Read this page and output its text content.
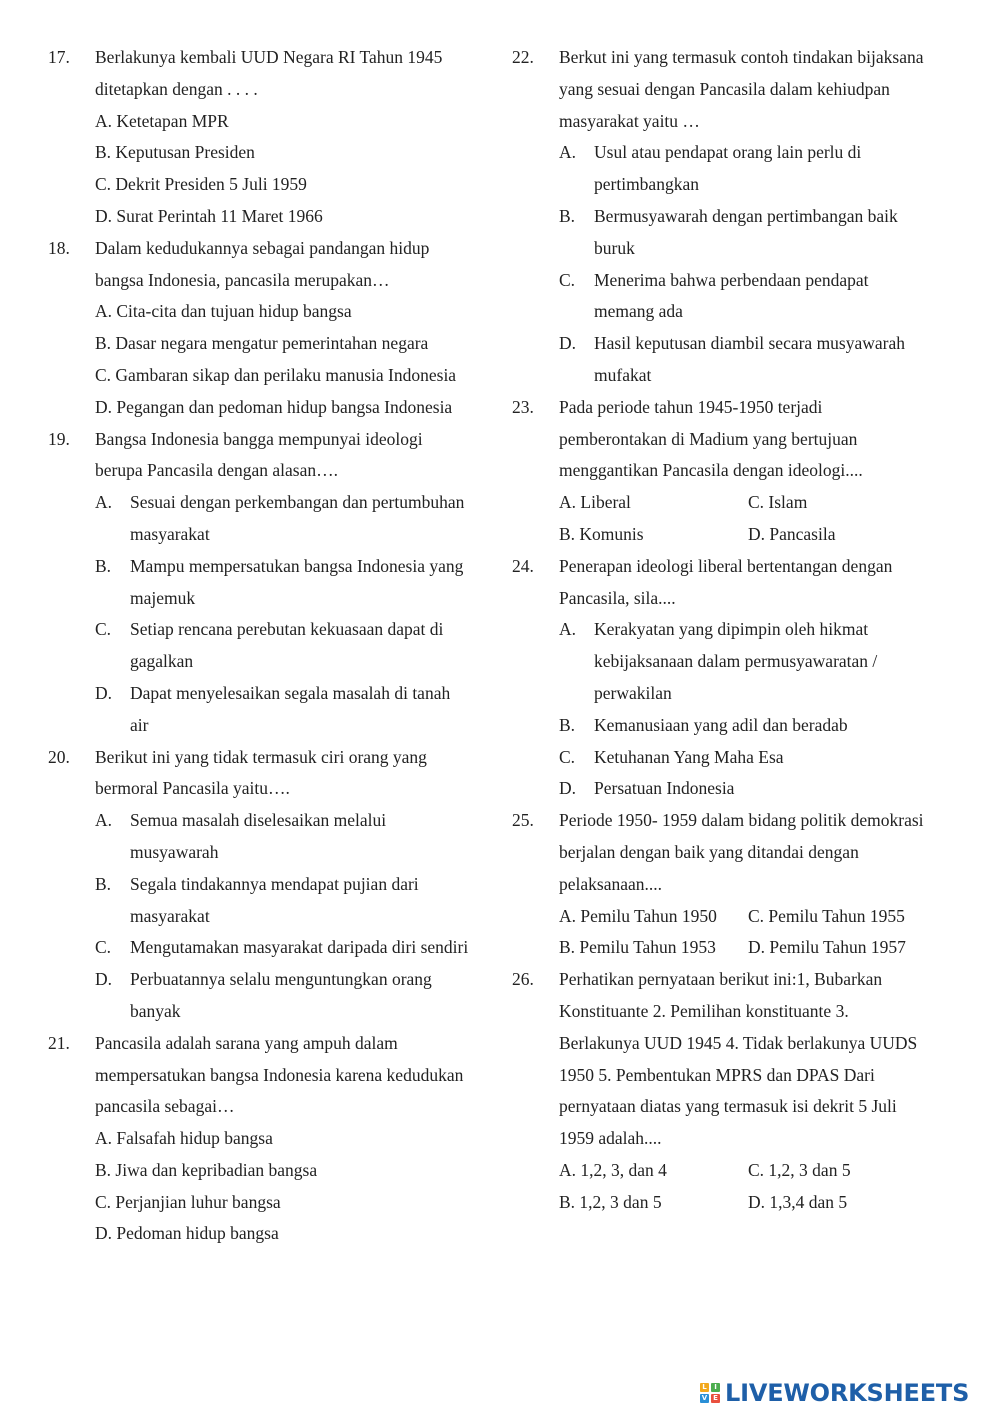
17. Berlakunya kembali UUD Negara RI Tahun 1945
ditetapkan dengan . . . .
A. Ketetapan MPR
B. Keputusan Presiden
C. Dekrit Presiden 5 Juli 1959
D. Surat Perintah 11 Maret 1966
18. Dalam kedudukannya sebagai pandangan hidup
bangsa Indonesia, pancasila merupakan…
A. Cita-cita dan tujuan hidup bangsa
B. Dasar negara mengatur pemerintahan negara
C. Gambaran sikap dan perilaku manusia Indonesia
D. Pegangan dan pedoman hidup bangsa Indonesia
19. Bangsa Indonesia bangga mempunyai ideologi
berupa Pancasila dengan alasan….
A. Sesuai dengan perkembangan dan pertumbuhan
masyarakat
B. Mampu mempersatukan bangsa Indonesia yang
majemuk
C. Setiap rencana perebutan kekuasaan dapat di
gagalkan
D. Dapat menyelesaikan segala masalah di tanah
air
20. Berikut ini yang tidak termasuk ciri orang yang
bermoral Pancasila yaitu….
A. Semua masalah diselesaikan melalui
musyawarah
B. Segala tindakannya mendapat pujian dari
masyarakat
C. Mengutamakan masyarakat daripada diri sendiri
D. Perbuatannya selalu menguntungkan orang
banyak
21. Pancasila adalah sarana yang ampuh dalam
mempersatukan bangsa Indonesia karena kedudukan
pancasila sebagai…
A. Falsafah hidup bangsa
B. Jiwa dan kepribadian bangsa
C. Perjanjian luhur bangsa
D. Pedoman hidup bangsa
22. Berkut ini yang termasuk contoh tindakan bijaksana
yang sesuai dengan Pancasila dalam kehiudpan
masyarakat yaitu …
A. Usul atau pendapat orang lain perlu di
pertimbangkan
B. Bermusyawarah dengan pertimbangan baik
buruk
C. Menerima bahwa perbendaan pendapat
memang ada
D. Hasil keputusan diambil secara musyawarah
mufakat
23. Pada periode tahun 1945-1950 terjadi
pemberontakan di Madium yang bertujuan
menggantikan Pancasila dengan ideologi....
A. Liberal	C. Islam
B. Komunis	D. Pancasila
24. Penerapan ideologi liberal bertentangan dengan
Pancasila, sila....
A. Kerakyatan yang dipimpin oleh hikmat
kebijaksanaan dalam permusyawaratan /
perwakilan
B. Kemanusiaan yang adil dan beradab
C. Ketuhanan Yang Maha Esa
D. Persatuan Indonesia
25. Periode 1950- 1959 dalam bidang politik demokrasi
berjalan dengan baik yang ditandai dengan
pelaksanaan....
A. Pemilu Tahun 1950	C. Pemilu Tahun 1955
B. Pemilu Tahun 1953	D. Pemilu Tahun 1957
26. Perhatikan pernyataan berikut ini:1, Bubarkan
Konstituante 2. Pemilihan konstituante 3.
Berlakunya UUD 1945 4. Tidak berlakunya UUDS
1950 5. Pembentukan MPRS dan DPAS Dari
pernyataan diatas yang termasuk isi dekrit 5 Juli
1959 adalah....
A. 1,2, 3, dan 4	C. 1,2, 3 dan 5
B. 1,2, 3 dan 5	D. 1,3,4 dan 5
L	I
V E LIVEWORKSHEETS
